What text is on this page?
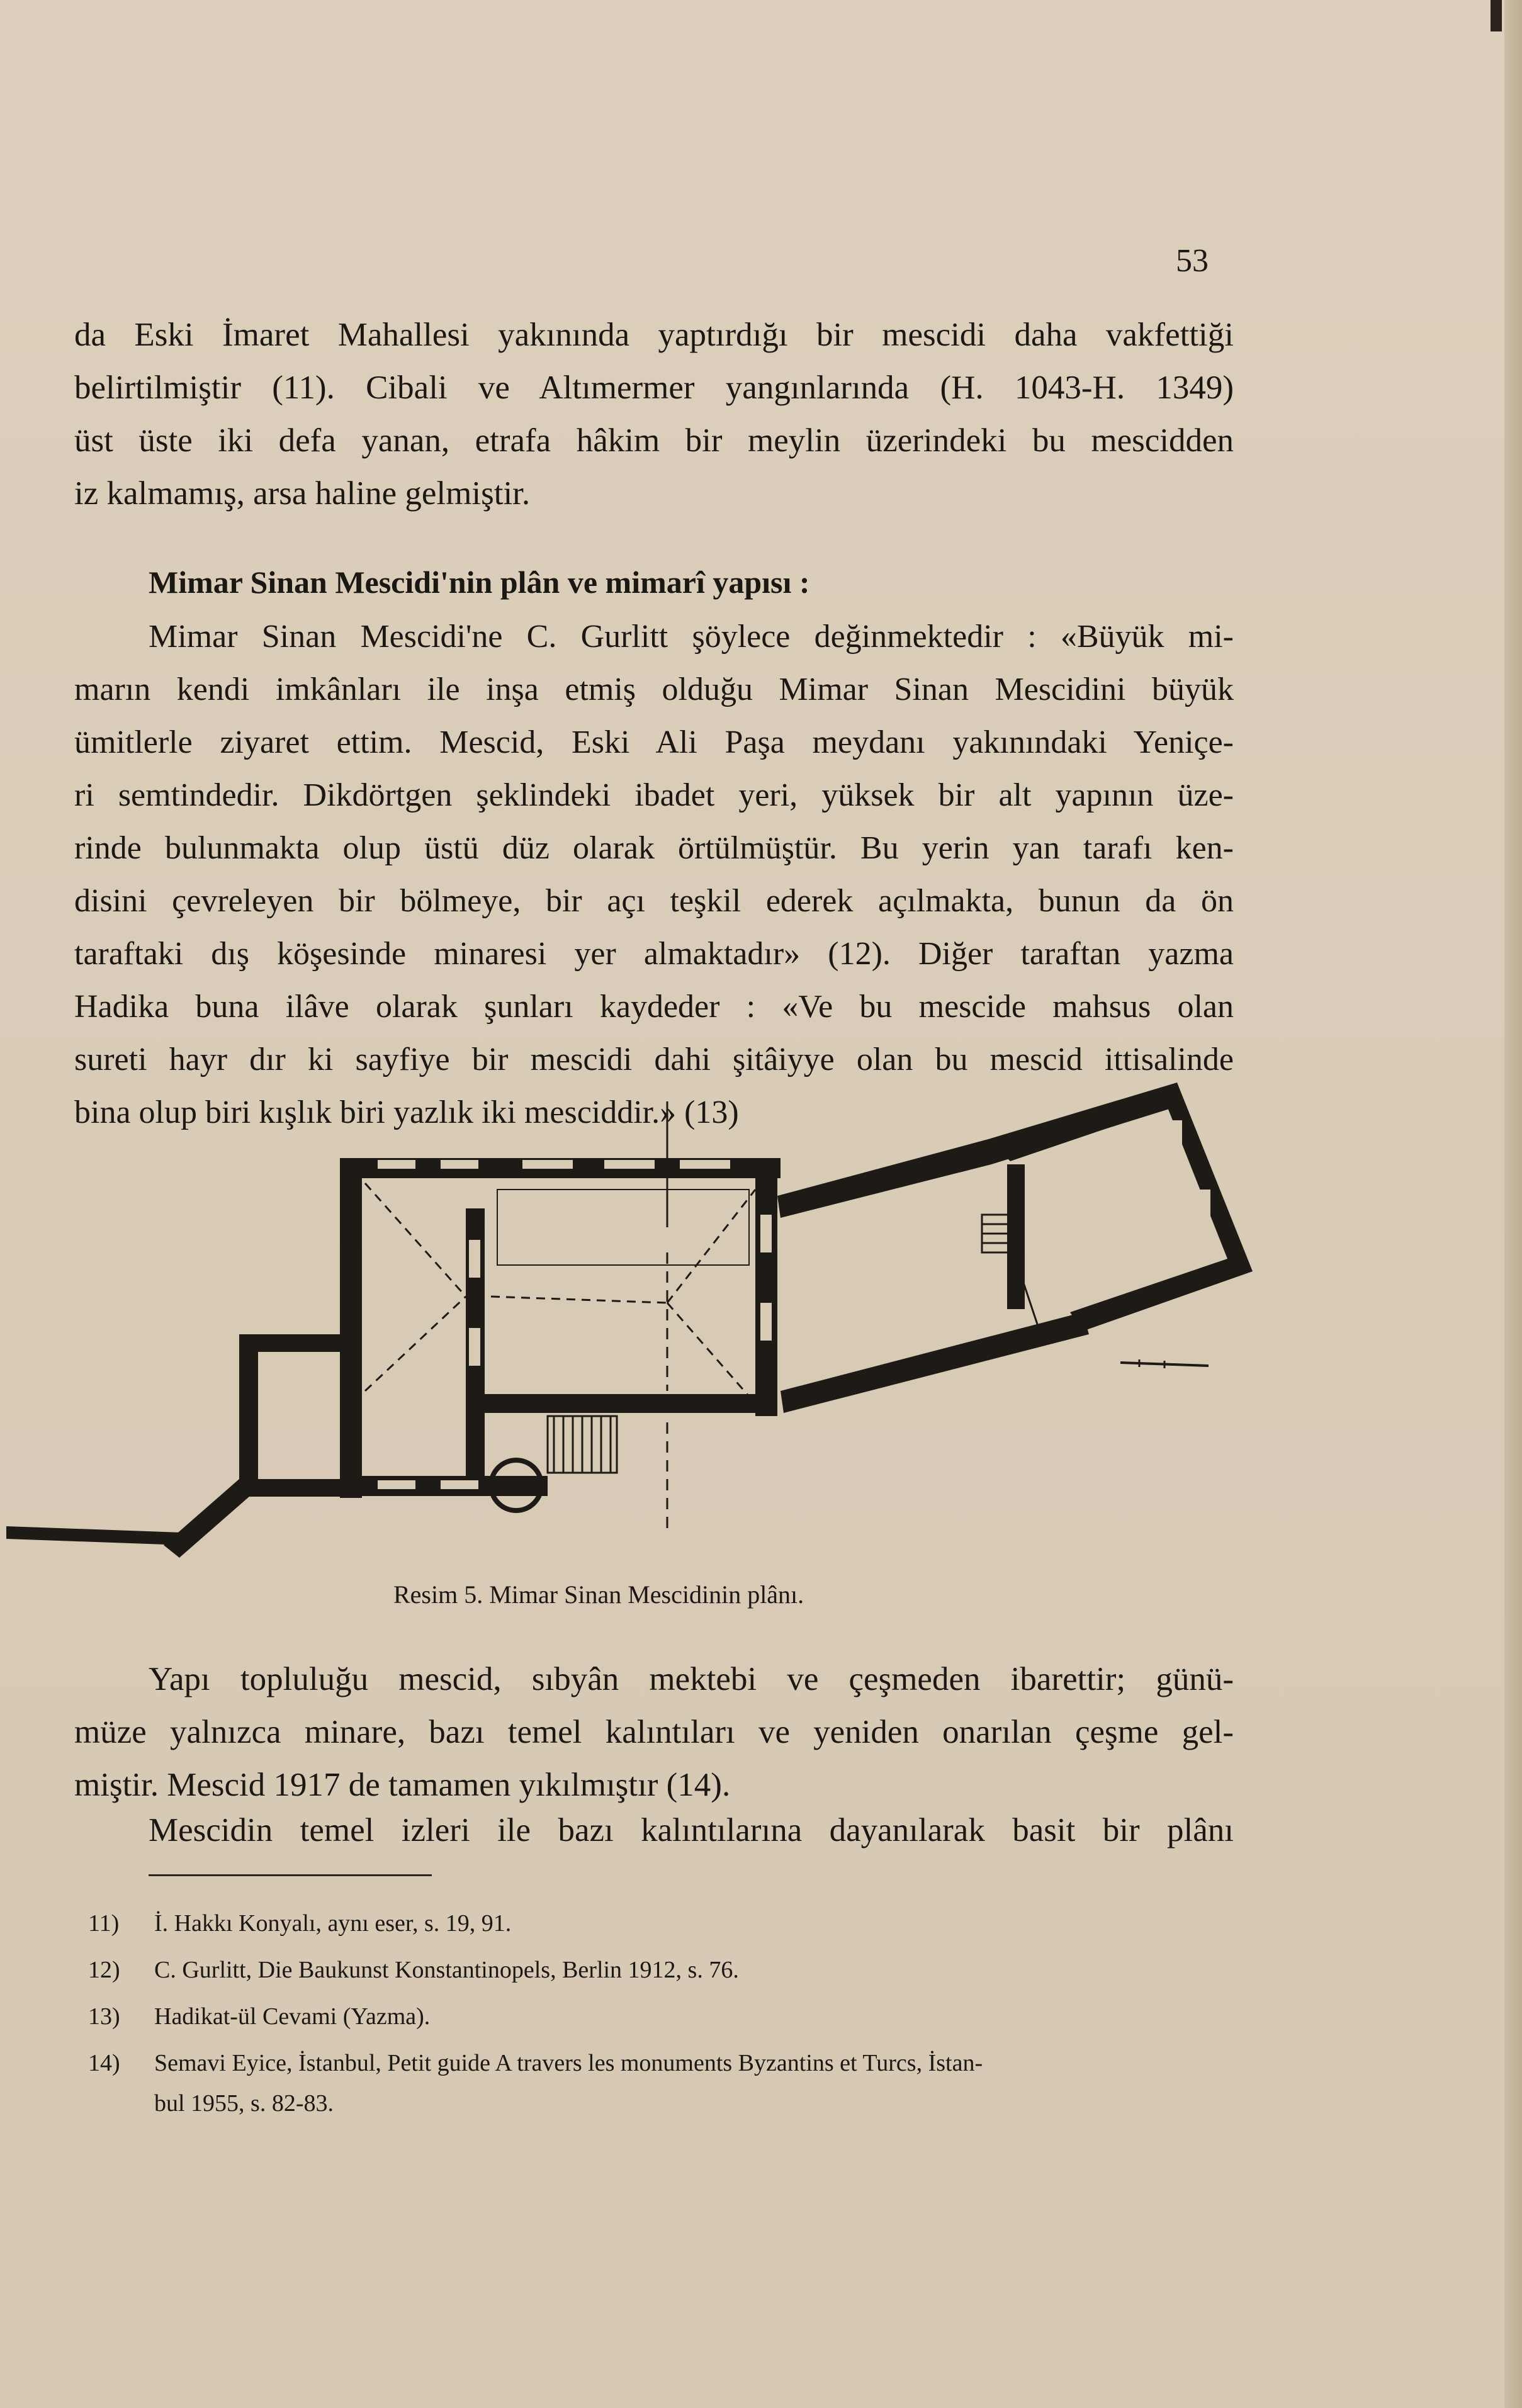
53

da Eski İmaret Mahallesi yakınında yaptırdığı bir mescidi daha vakfettiği
belirtilmiştir (11). Cibali ve Altımermer yangınlarında (H. 1043-H. 1349)
üst üste iki defa yanan, etrafa hâkim bir meylin üzerindeki bu mescidden
iz kalmamış, arsa haline gelmiştir.

Mimar Sinan Mescidi'nin plân ve mimarî yapısı :

Mimar Sinan Mescidi'ne C. Gurlitt şöylece değinmektedir : «Büyük mi-
marın kendi imkânları ile inşa etmiş olduğu Mimar Sinan Mescidini büyük
ümitlerle ziyaret ettim. Mescid, Eski Ali Paşa meydanı yakınındaki Yeniçe-
ri semtindedir. Dikdörtgen şeklindeki ibadet yeri, yüksek bir alt yapının üze-
rinde bulunmakta olup üstü düz olarak örtülmüştür. Bu yerin yan tarafı ken-
disini çevreleyen bir bölmeye, bir açı teşkil ederek açılmakta, bunun da ön
taraftaki dış köşesinde minaresi yer almaktadır» (12). Diğer taraftan yazma
Hadika buna ilâve olarak şunları kaydeder : «Ve bu mescide mahsus olan
sureti hayr dır ki sayfiye bir mescidi dahi şitâiyye olan bu mescid ittisalinde
bina olup biri kışlık biri yazlık iki mesciddir.» (13)

Resim 5. Mimar Sinan Mescidinin plânı.

Yapı topluluğu mescid, sıbyân mektebi ve çeşmeden ibarettir; günü-
müze yalnızca minare, bazı temel kalıntıları ve yeniden onarılan çeşme gel-
miştir. Mescid 1917 de tamamen yıkılmıştır (14).

Mescidin temel izleri ile bazı kalıntılarına dayanılarak basit bir plânı

11) İ. Hakkı Konyalı, aynı eser, s. 19, 91.
12) C. Gurlitt, Die Baukunst Konstantinopels, Berlin 1912, s. 76.
13) Hadikat-ül Cevami (Yazma).
14) Semavi Eyice, İstanbul, Petit guide A travers les monuments Byzantins et Turcs, İstan-
bul 1955, s. 82-83.
